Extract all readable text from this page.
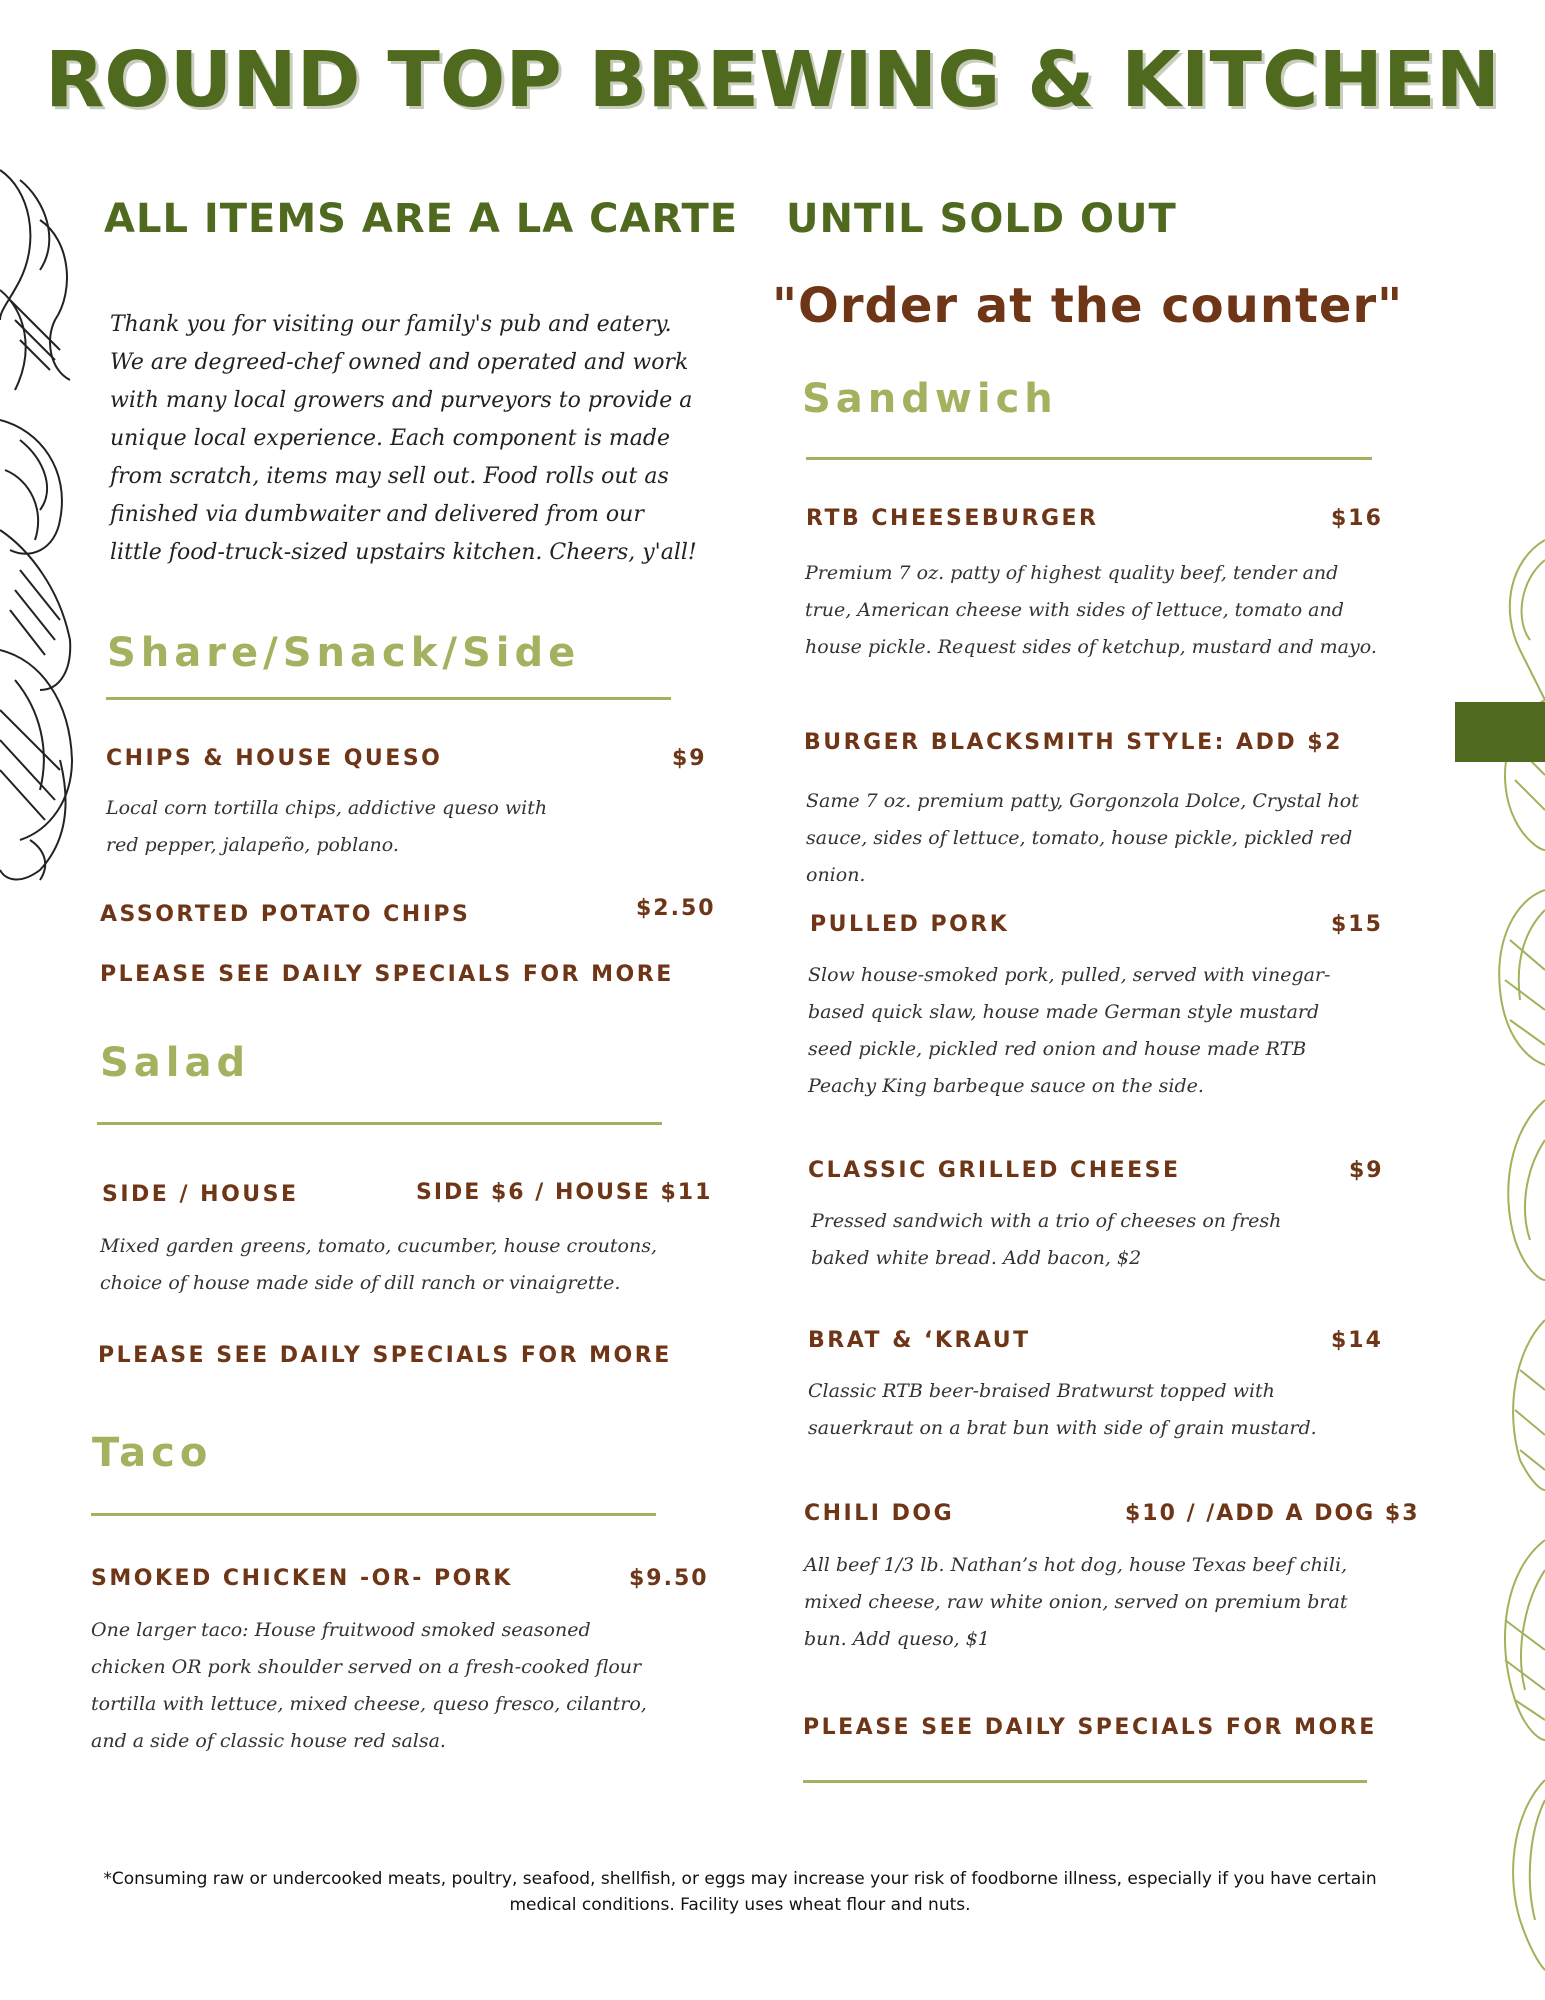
ROUND TOP BREWING & KITCHEN
ALL ITEMS ARE A LA CARTE UNTIL SOLD OUT
"Order at the counter"
Thank you for visiting our family's pub and eatery. We are degreed-chef owned and operated and work with many local growers and purveyors to provide a unique local experience. Each component is made from scratch, items may sell out. Food rolls out as finished via dumbwaiter and delivered from our little food-truck-sized upstairs kitchen. Cheers, y'all!
Share/Snack/Side
CHIPS & HOUSE QUESO	$9
Local corn tortilla chips, addictive queso with red pepper, jalapeño, poblano.
ASSORTED POTATO CHIPS	$2.50
PLEASE SEE DAILY SPECIALS FOR MORE
Salad
SIDE / HOUSE	SIDE $6 / HOUSE $11
Mixed garden greens, tomato, cucumber, house croutons, choice of house made side of dill ranch or vinaigrette.
PLEASE SEE DAILY SPECIALS FOR MORE
Taco
SMOKED CHICKEN -OR- PORK	$9.50
One larger taco: House fruitwood smoked seasoned chicken OR pork shoulder served on a fresh-cooked flour tortilla with lettuce, mixed cheese, queso fresco, cilantro, and a side of classic house red salsa.
Sandwich
RTB CHEESEBURGER	$16
Premium 7 oz. patty of highest quality beef, tender and true, American cheese with sides of lettuce, tomato and house pickle. Request sides of ketchup, mustard and mayo.
BURGER BLACKSMITH STYLE: ADD $2
Same 7 oz. premium patty, Gorgonzola Dolce, Crystal hot sauce, sides of lettuce, tomato, house pickle, pickled red onion.
PULLED PORK	$15
Slow house-smoked pork, pulled, served with vinegar-based quick slaw, house made German style mustard seed pickle, pickled red onion and house made RTB Peachy King barbeque sauce on the side.
CLASSIC GRILLED CHEESE	$9
Pressed sandwich with a trio of cheeses on fresh baked white bread. Add bacon, $2
BRAT & ‘KRAUT	$14
Classic RTB beer-braised Bratwurst topped with sauerkraut on a brat bun with side of grain mustard.
CHILI DOG	$10 / /ADD A DOG $3
All beef 1/3 lb. Nathan’s hot dog, house Texas beef chili, mixed cheese, raw white onion, served on premium brat bun. Add queso, $1
PLEASE SEE DAILY SPECIALS FOR MORE
*Consuming raw or undercooked meats, poultry, seafood, shellfish, or eggs may increase your risk of foodborne illness, especially if you have certain medical conditions. Facility uses wheat flour and nuts.
